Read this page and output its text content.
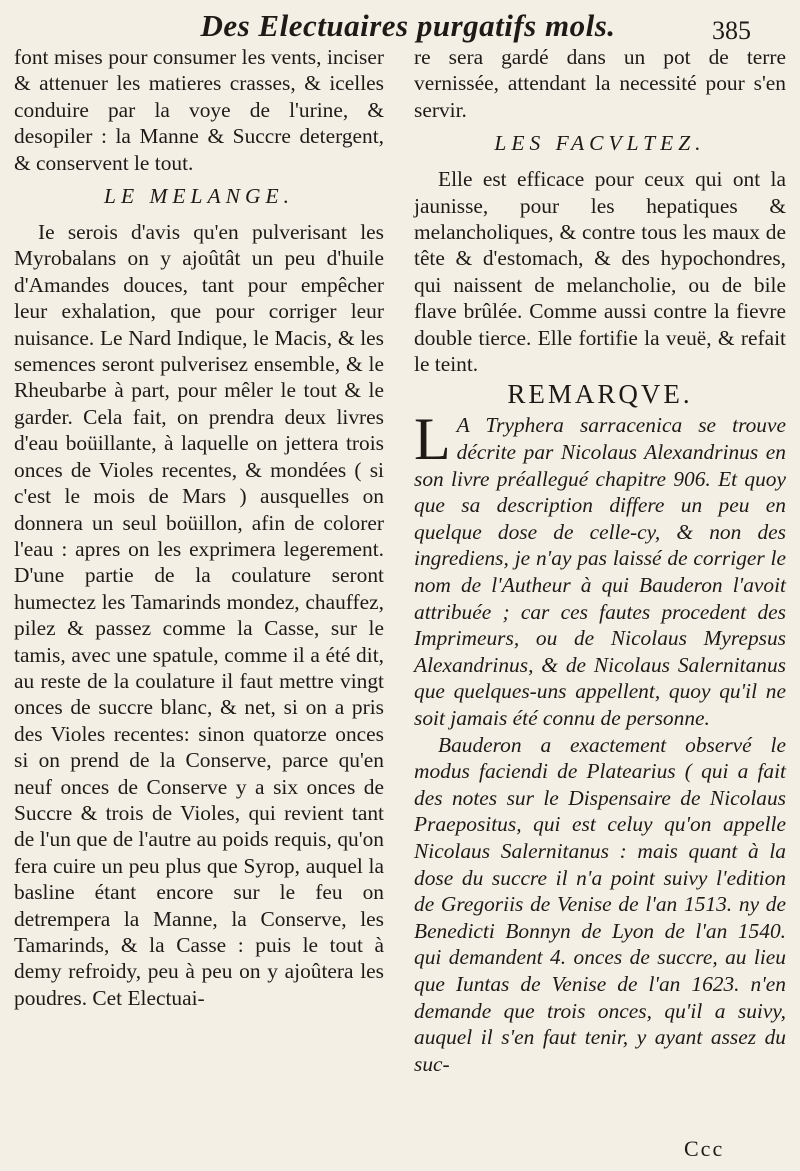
Des Electuaires purgatifs mols.	385

font mises pour consumer les vents, inciser & attenuer les matieres crasses, & icelles conduire par la voye de l'urine, & desopiler : la Manne & Succre detergent, & conservent le tout.

LE MELANGE.

Ie serois d'avis qu'en pulverisant les Myrobalans on y ajoûtât un peu d'huile d'Amandes douces, tant pour empêcher leur exhalation, que pour corriger leur nuisance. Le Nard Indique, le Macis, & les semences seront pulverisez ensemble, & le Rheubarbe à part, pour mêler le tout & le garder. Cela fait, on prendra deux livres d'eau boüillante, à laquelle on jettera trois onces de Violes recentes, & mondées ( si c'est le mois de Mars ) ausquelles on donnera un seul boüillon, afin de colorer l'eau : apres on les exprimera legerement. D'une partie de la coulature seront humectez les Tamarinds mondez, chauffez, pilez & passez comme la Casse, sur le tamis, avec une spatule, comme il a été dit, au reste de la coulature il faut mettre vingt onces de succre blanc, & net, si on a pris des Violes recentes: sinon quatorze onces si on prend de la Conserve, parce qu'en neuf onces de Conserve y a six onces de Succre & trois de Violes, qui revient tant de l'un que de l'autre au poids requis, qu'on fera cuire un peu plus que Syrop, auquel la basline étant encore sur le feu on detrempera la Manne, la Conserve, les Tamarinds, & la Casse : puis le tout à demy refroidy, peu à peu on y ajoûtera les poudres. Cet Electuai-

re sera gardé dans un pot de terre vernissée, attendant la necessité pour s'en servir.

LES FACVLTEZ.

Elle est efficace pour ceux qui ont la jaunisse, pour les hepatiques & melancholiques, & contre tous les maux de tête & d'estomach, & des hypochondres, qui naissent de melancholie, ou de bile flave brûlée. Comme aussi contre la fievre double tierce. Elle fortifie la veuë, & refait le teint.

REMARQVE.

L A Tryphera sarracenica se trouve décrite par Nicolaus Alexandrinus en son livre préallegué chapitre 906. Et quoy que sa description differe un peu en quelque dose de celle-cy, & non des ingrediens, je n'ay pas laissé de corriger le nom de l'Autheur à qui Bauderon l'avoit attribuée ; car ces fautes procedent des Imprimeurs, ou de Nicolaus Myrepsus Alexandrinus, & de Nicolaus Salernitanus que quelques-uns appellent, quoy qu'il ne soit jamais été connu de personne.

Bauderon a exactement observé le modus faciendi de Platearius ( qui a fait des notes sur le Dispensaire de Nicolaus Praepositus, qui est celuy qu'on appelle Nicolaus Salernitanus : mais quant à la dose du succre il n'a point suivy l'edition de Gregoriis de Venise de l'an 1513. ny de Benedicti Bonnyn de Lyon de l'an 1540. qui demandent 4. onces de succre, au lieu que Iuntas de Venise de l'an 1623. n'en demande que trois onces, qu'il a suivy, auquel il s'en faut tenir, y ayant assez du suc-

Ccc
